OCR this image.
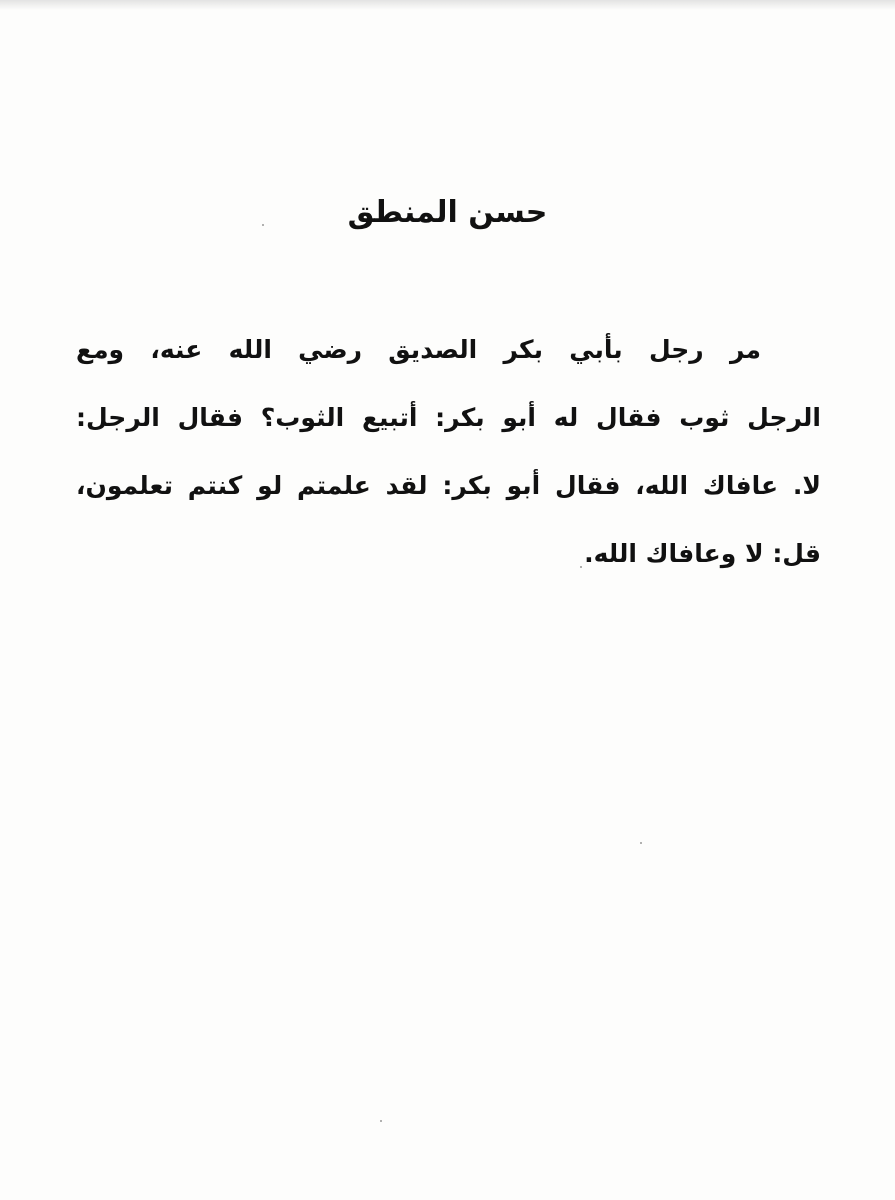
حسن المنطق
مر رجل بأبي بكر الصديق رضي الله عنه، ومع
الرجل ثوب فقال له أبو بكر: أتبيع الثوب؟ فقال الرجل:
لا. عافاك الله، فقال أبو بكر: لقد علمتم لو كنتم تعلمون،
قل: لا وعافاك الله.
